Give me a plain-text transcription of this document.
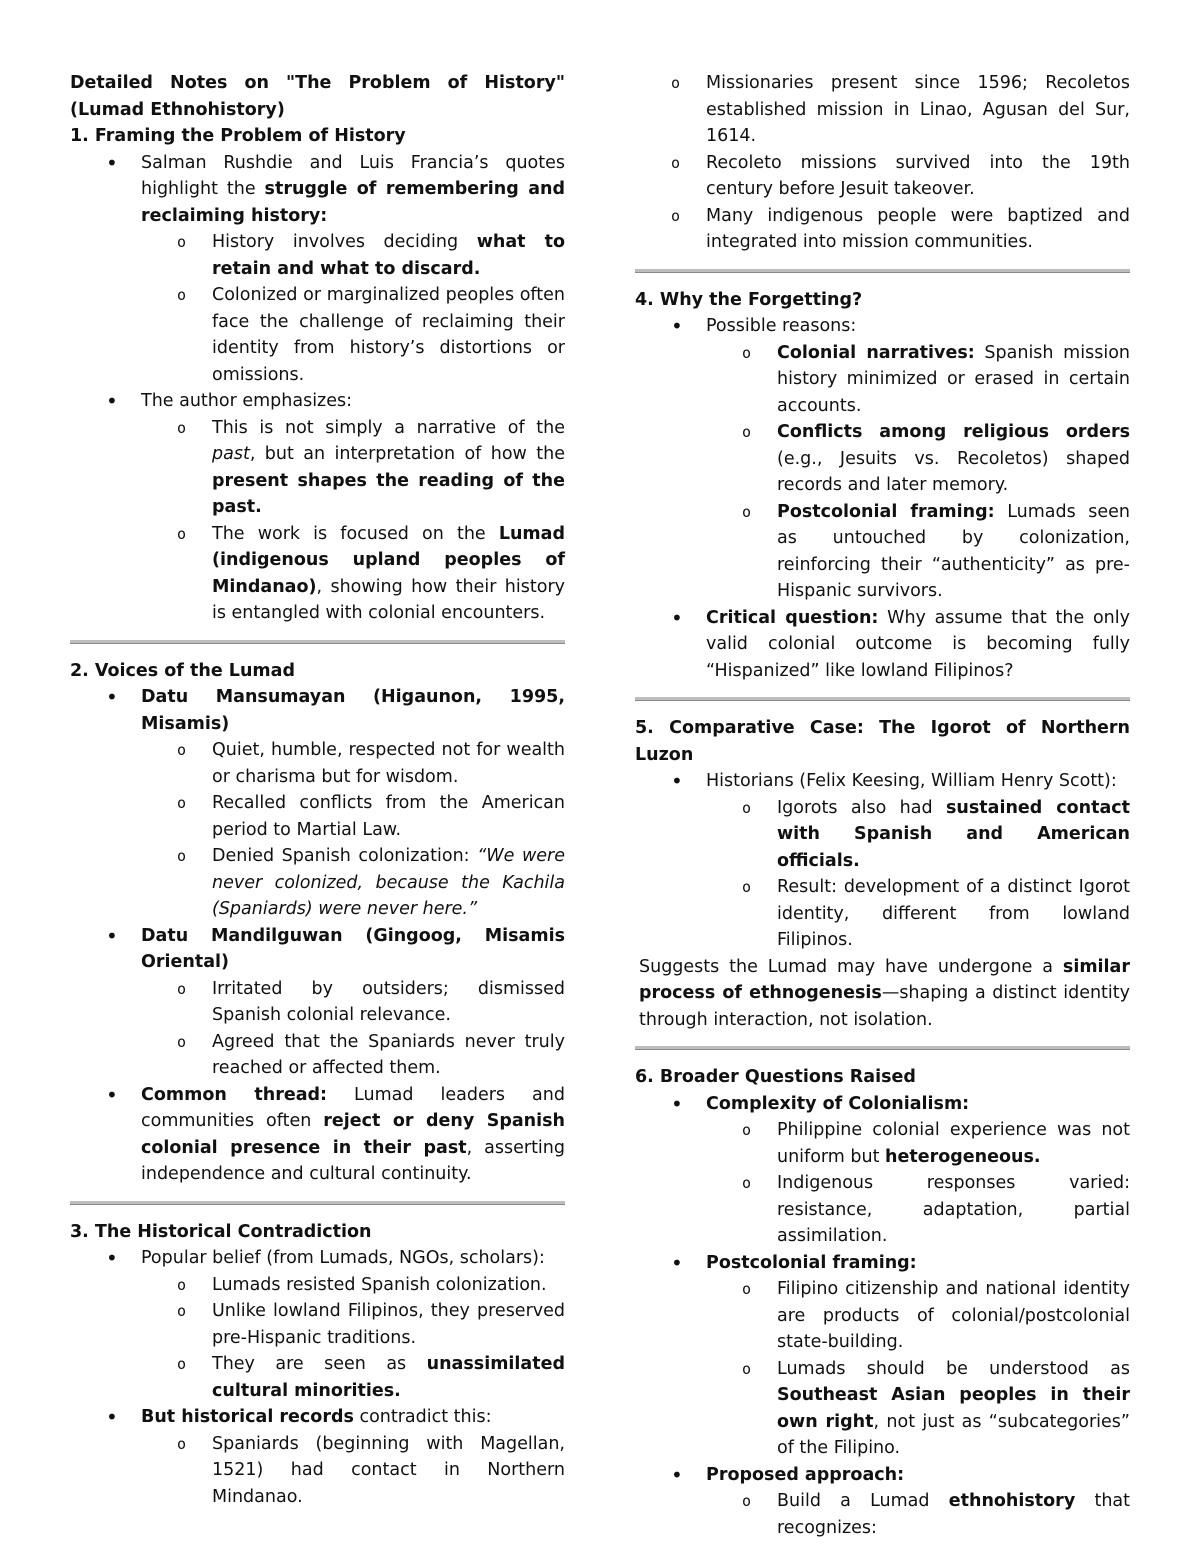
Detailed Notes on "The Problem of History" (Lumad Ethnohistory)

1. Framing the Problem of History

• Salman Rushdie and Luis Francia’s quotes highlight the struggle of remembering and reclaiming history:
o History involves deciding what to retain and what to discard.
o Colonized or marginalized peoples often face the challenge of reclaiming their identity from history’s distortions or omissions.
• The author emphasizes:
o This is not simply a narrative of the past, but an interpretation of how the present shapes the reading of the past.
o The work is focused on the Lumad (indigenous upland peoples of Mindanao), showing how their history is entangled with colonial encounters.

2. Voices of the Lumad

• Datu Mansumayan (Higaunon, 1995, Misamis)
o Quiet, humble, respected not for wealth or charisma but for wisdom.
o Recalled conflicts from the American period to Martial Law.
o Denied Spanish colonization: “We were never colonized, because the Kachila (Spaniards) were never here.”
• Datu Mandilguwan (Gingoog, Misamis Oriental)
o Irritated by outsiders; dismissed Spanish colonial relevance.
o Agreed that the Spaniards never truly reached or affected them.
• Common thread: Lumad leaders and communities often reject or deny Spanish colonial presence in their past, asserting independence and cultural continuity.

3. The Historical Contradiction

• Popular belief (from Lumads, NGOs, scholars):
o Lumads resisted Spanish colonization.
o Unlike lowland Filipinos, they preserved pre-Hispanic traditions.
o They are seen as unassimilated cultural minorities.
• But historical records contradict this:
o Spaniards (beginning with Magellan, 1521) had contact in Northern Mindanao.
o Missionaries present since 1596; Recoletos established mission in Linao, Agusan del Sur, 1614.
o Recoleto missions survived into the 19th century before Jesuit takeover.
o Many indigenous people were baptized and integrated into mission communities.

4. Why the Forgetting?

• Possible reasons:
o Colonial narratives: Spanish mission history minimized or erased in certain accounts.
o Conflicts among religious orders (e.g., Jesuits vs. Recoletos) shaped records and later memory.
o Postcolonial framing: Lumads seen as untouched by colonization, reinforcing their “authenticity” as pre-Hispanic survivors.
• Critical question: Why assume that the only valid colonial outcome is becoming fully “Hispanized” like lowland Filipinos?

5. Comparative Case: The Igorot of Northern Luzon

• Historians (Felix Keesing, William Henry Scott):
o Igorots also had sustained contact with Spanish and American officials.
o Result: development of a distinct Igorot identity, different from lowland Filipinos.

Suggests the Lumad may have undergone a similar process of ethnogenesis—shaping a distinct identity through interaction, not isolation.

6. Broader Questions Raised

• Complexity of Colonialism:
o Philippine colonial experience was not uniform but heterogeneous.
o Indigenous responses varied: resistance, adaptation, partial assimilation.
• Postcolonial framing:
o Filipino citizenship and national identity are products of colonial/postcolonial state-building.
o Lumads should be understood as Southeast Asian peoples in their own right, not just as “subcategories” of the Filipino.
• Proposed approach:
o Build a Lumad ethnohistory that recognizes:
